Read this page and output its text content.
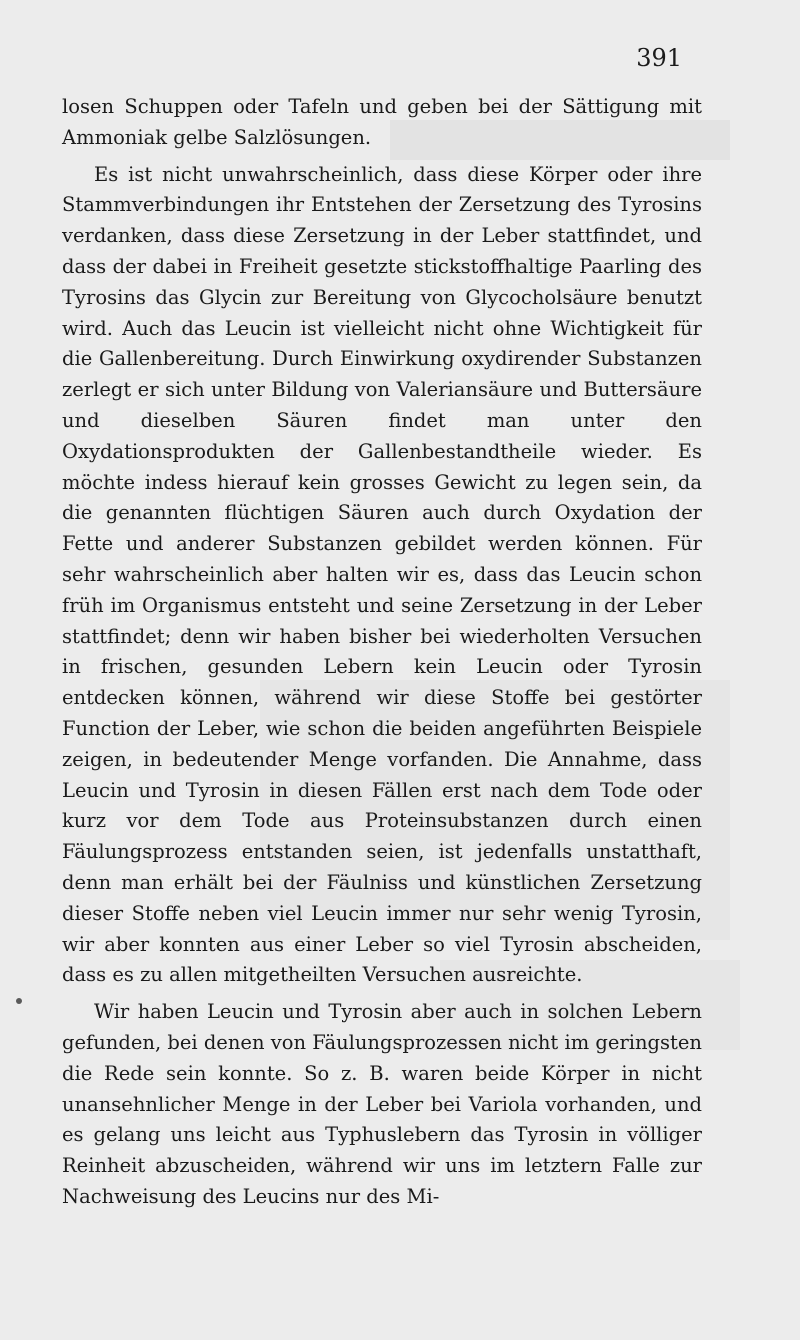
391

losen Schuppen oder Tafeln und geben bei der Sättigung mit Ammoniak gelbe Salzlösungen.

Es ist nicht unwahrscheinlich, dass diese Körper oder ihre Stammverbindungen ihr Entstehen der Zersetzung des Tyrosins verdanken, dass diese Zersetzung in der Leber stattfindet, und dass der dabei in Freiheit gesetzte stickstoffhaltige Paarling des Tyrosins das Glycin zur Bereitung von Glycocholsäure benutzt wird. Auch das Leucin ist vielleicht nicht ohne Wichtigkeit für die Gallenbereitung. Durch Einwirkung oxydirender Substanzen zerlegt er sich unter Bildung von Valeriansäure und Buttersäure und dieselben Säuren findet man unter den Oxydationsprodukten der Gallenbestandtheile wieder. Es möchte indess hierauf kein grosses Gewicht zu legen sein, da die genannten flüchtigen Säuren auch durch Oxydation der Fette und anderer Substanzen gebildet werden können. Für sehr wahrscheinlich aber halten wir es, dass das Leucin schon früh im Organismus entsteht und seine Zersetzung in der Leber stattfindet; denn wir haben bisher bei wiederholten Versuchen in frischen, gesunden Lebern kein Leucin oder Tyrosin entdecken können, während wir diese Stoffe bei gestörter Function der Leber, wie schon die beiden angeführten Beispiele zeigen, in bedeutender Menge vorfanden. Die Annahme, dass Leucin und Tyrosin in diesen Fällen erst nach dem Tode oder kurz vor dem Tode aus Proteinsubstanzen durch einen Fäulungsprozess entstanden seien, ist jedenfalls unstatthaft, denn man erhält bei der Fäulniss und künstlichen Zersetzung dieser Stoffe neben viel Leucin immer nur sehr wenig Tyrosin, wir aber konnten aus einer Leber so viel Tyrosin abscheiden, dass es zu allen mitgetheilten Versuchen ausreichte.

Wir haben Leucin und Tyrosin aber auch in solchen Lebern gefunden, bei denen von Fäulungsprozessen nicht im geringsten die Rede sein konnte. So z. B. waren beide Körper in nicht unansehnlicher Menge in der Leber bei Variola vorhanden, und es gelang uns leicht aus Typhuslebern das Tyrosin in völliger Reinheit abzuscheiden, während wir uns im letztern Falle zur Nachweisung des Leucins nur des Mi-
